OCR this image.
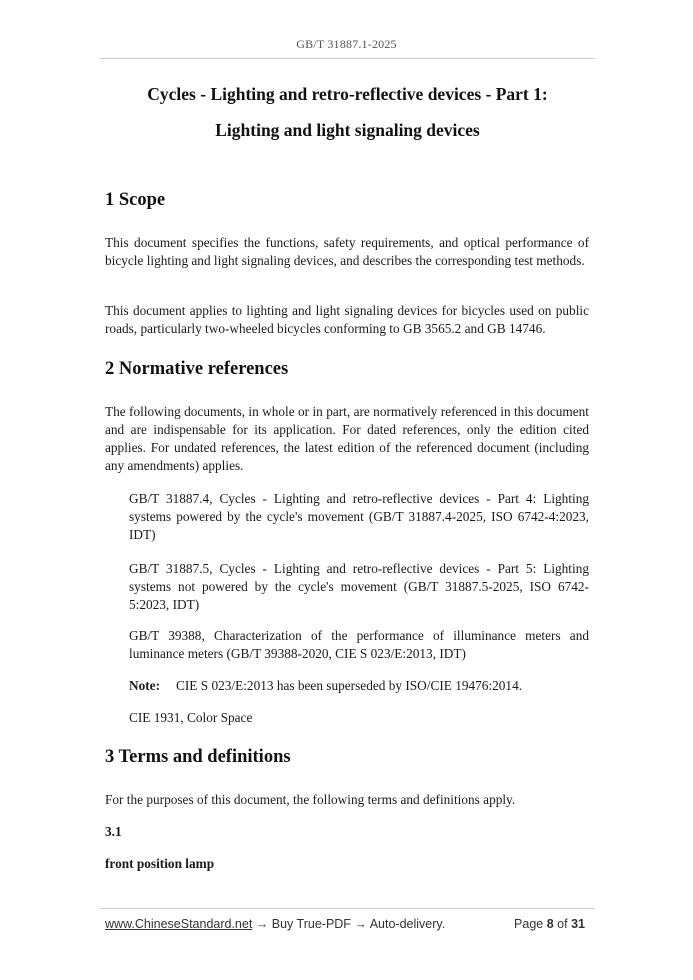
GB/T 31887.1-2025
Cycles - Lighting and retro-reflective devices - Part 1:
Lighting and light signaling devices
1 Scope
This document specifies the functions, safety requirements, and optical performance of bicycle lighting and light signaling devices, and describes the corresponding test methods.
This document applies to lighting and light signaling devices for bicycles used on public roads, particularly two-wheeled bicycles conforming to GB 3565.2 and GB 14746.
2 Normative references
The following documents, in whole or in part, are normatively referenced in this document and are indispensable for its application. For dated references, only the edition cited applies. For undated references, the latest edition of the referenced document (including any amendments) applies.
GB/T 31887.4, Cycles - Lighting and retro-reflective devices - Part 4: Lighting systems powered by the cycle's movement (GB/T 31887.4-2025, ISO 6742-4:2023, IDT)
GB/T 31887.5, Cycles - Lighting and retro-reflective devices - Part 5: Lighting systems not powered by the cycle's movement (GB/T 31887.5-2025, ISO 6742-5:2023, IDT)
GB/T 39388, Characterization of the performance of illuminance meters and luminance meters (GB/T 39388-2020, CIE S 023/E:2013, IDT)
Note: CIE S 023/E:2013 has been superseded by ISO/CIE 19476:2014.
CIE 1931, Color Space
3 Terms and definitions
For the purposes of this document, the following terms and definitions apply.
3.1
front position lamp
www.ChineseStandard.net → Buy True-PDF → Auto-delivery.	Page 8 of 31
